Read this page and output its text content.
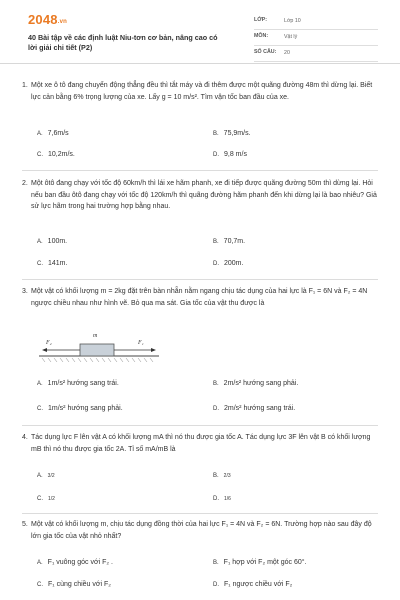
2048.vn
40 Bài tập về các định luật Niu-tơn cơ bản, nâng cao có lời giải chi tiết (P2)
LỚP:	Lớp 10
MÔN:	Vật lý
SỐ CÂU: 20
1. Một xe ô tô đang chuyển động thẳng đều thì tắt máy và đi thêm được một quãng đường 48m thì dừng lại. Biết lực cản bằng 6% trọng lượng của xe. Lấy g = 10 m/s². Tìm vận tốc ban đầu của xe.
A. 7,6m/s	B. 75,9m/s.
C. 10,2m/s.	D. 9,8 m/s
2. Một ôtô đang chạy với tốc độ 60km/h thì lái xe hãm phanh, xe đi tiếp được quãng đường 50m thì dừng lại. Hỏi nếu ban đầu ôtô đang chạy với tốc độ 120km/h thì quãng đường hãm phanh đến khi dừng lại là bao nhiêu? Giả sử lực hãm trong hai trường hợp bằng nhau.
A. 100m.	B. 70,7m.
C. 141m.	D. 200m.
3. Một vật có khối lượng m = 2kg đặt trên bàn nhẵn nằm ngang chịu tác dụng của hai lực là F₁ = 6N và F₂ = 4N ngược chiều nhau như hình vẽ. Bỏ qua ma sát. Gia tốc của vật thu được là
m
F₂	F₁
A. 1m/s² hướng sang trái.	B. 2m/s² hướng sang phải.
C. 1m/s² hướng sang phải.	D. 2m/s² hướng sang trái.
4. Tác dụng lực F lên vật A có khối lượng mA thì nó thu được gia tốc A. Tác dụng lực 3F lên vật B có khối lượng mB thì nó thu được gia tốc 2A. Tỉ số mA/mB là
A. 3/2	B. 2/3
C. 1/2	D. 1/6
5. Một vật có khối lượng m, chịu tác dụng đồng thời của hai lực F₁ = 4N và F₂ = 6N. Trường hợp nào sau đây độ lớn gia tốc của vật nhỏ nhất?
A. F₁ vuông góc với F₂ .	B. F₁ hợp với F₂ một góc 60°.
C. F₁ cùng chiều với F₂	D. F₁ ngược chiều với F₂
